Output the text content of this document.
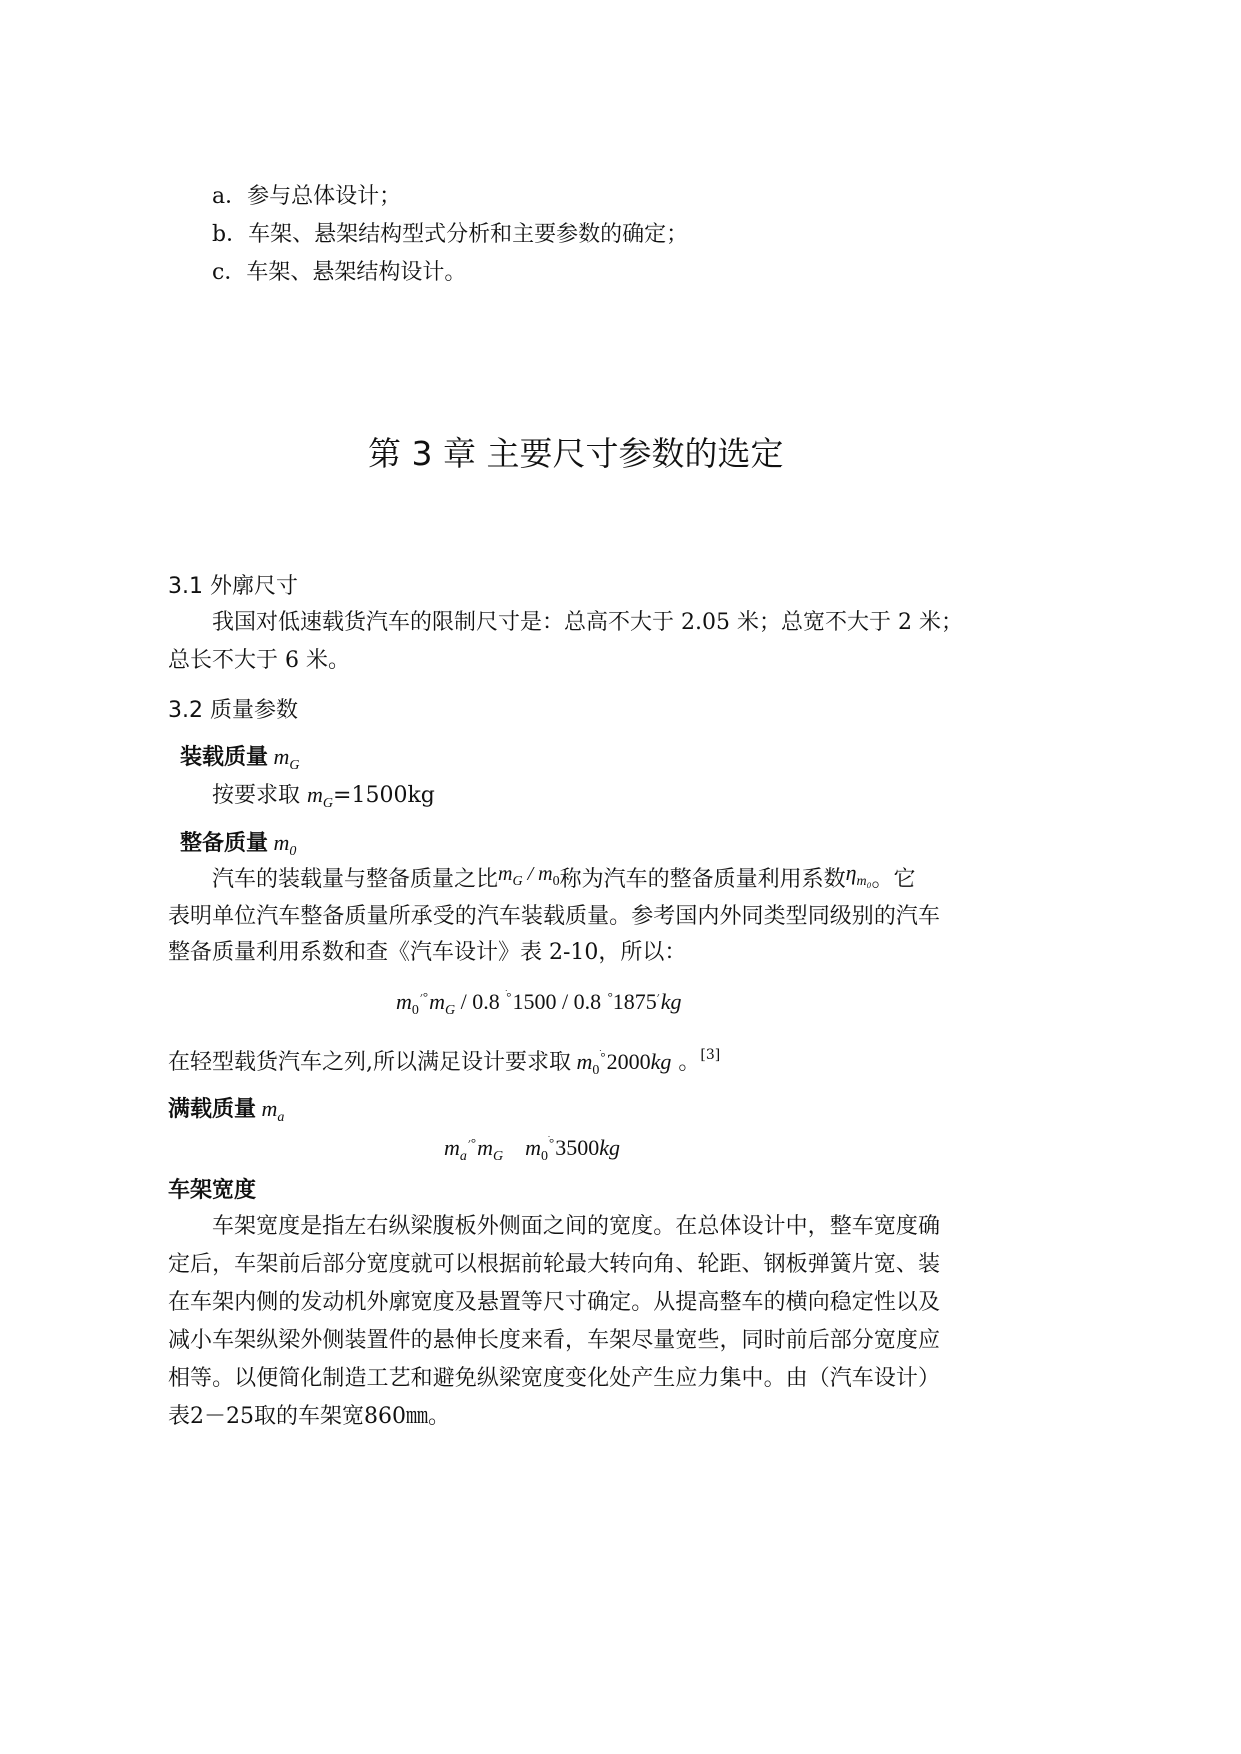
a．参与总体设计；
b．车架、悬架结构型式分析和主要参数的确定；
c．车架、悬架结构设计。
第 3 章 主要尺寸参数的选定
3.1 外廓尺寸
我国对低速载货汽车的限制尺寸是：总高不大于 2.05 米；总宽不大于 2 米；
总长不大于 6 米。
3.2 质量参数
装载质量 $m_G$
按要求取 $m_G=1500kg$
整备质量 $m_0$
汽车的装载量与整备质量之比$^{m_G / m_0}$称为汽车的整备质量利用系数$^{\eta_{m_0}}$。它
表明单位汽车整备质量所承受的汽车装载质量。参考国内外同类型同级别的汽车
整备质量利用系数和查《汽车设计》表 2-10，所以：
$m_0^{׳^\circ}m_G / 0.8$ ׄ°1500 / 0.8 ׳°1875 kg
在轻型载货汽车之列,所以满足设计要求取 $m_0^{ׄ^\circ}2000kg$ 。[3]
满载质量 $m_a$
$m_a^{׳^\circ}m_G$ $m_0^{ׄ^\circ}3500kg$
车架宽度
车架宽度是指左右纵梁腹板外侧面之间的宽度。在总体设计中，整车宽度确
定后，车架前后部分宽度就可以根据前轮最大转向角、轮距、钢板弹簧片宽、装
在车架内侧的发动机外廓宽度及悬置等尺寸确定。从提高整车的横向稳定性以及
减小车架纵梁外侧装置件的悬伸长度来看，车架尽量宽些，同时前后部分宽度应
相等。以便简化制造工艺和避免纵梁宽度变化处产生应力集中。由（汽车设计）
表2－25取的车架宽860㎜。
